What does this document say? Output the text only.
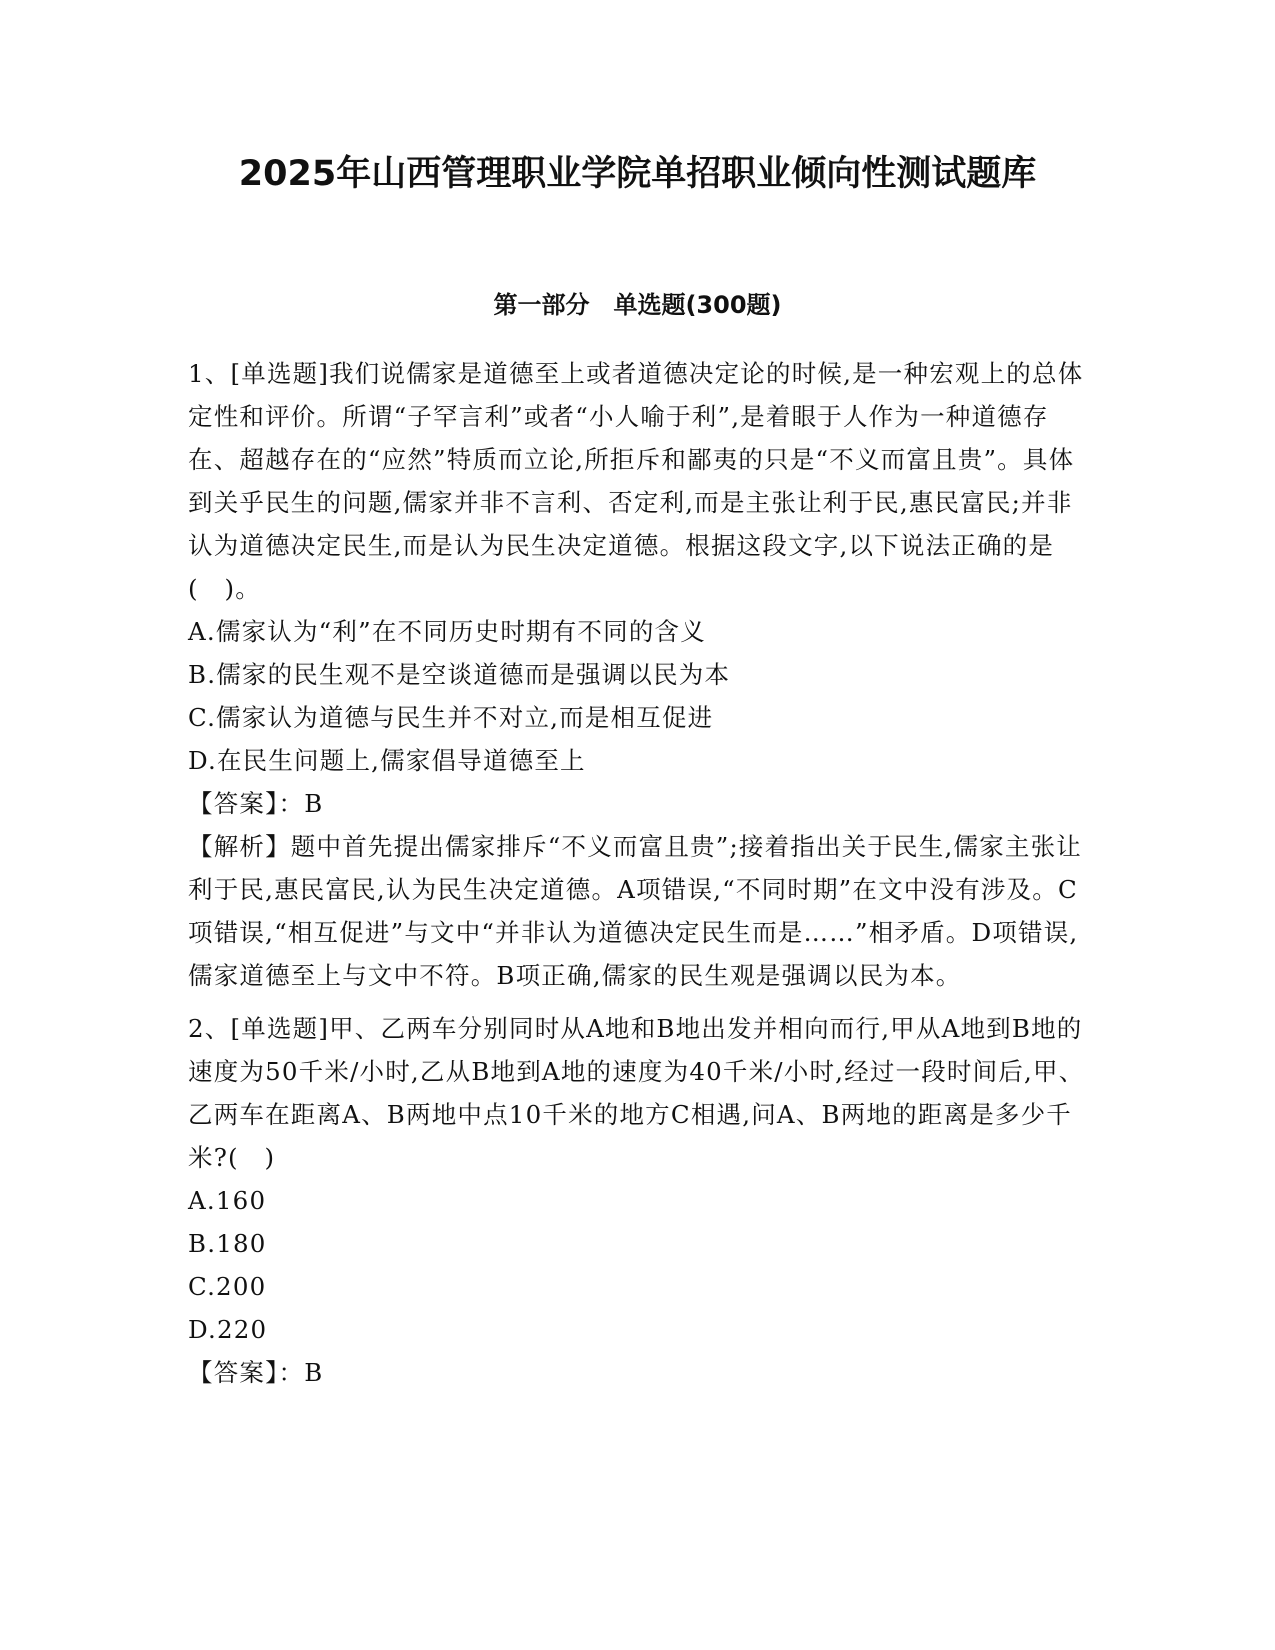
2025年山西管理职业学院单招职业倾向性测试题库
第一部分　单选题(300题)

1、[单选题]我们说儒家是道德至上或者道德决定论的时候,是一种宏观上的总体定性和评价。所谓“子罕言利”或者“小人喻于利”,是着眼于人作为一种道德存在、超越存在的“应然”特质而立论,所拒斥和鄙夷的只是“不义而富且贵”。具体到关乎民生的问题,儒家并非不言利、否定利,而是主张让利于民,惠民富民;并非认为道德决定民生,而是认为民生决定道德。根据这段文字,以下说法正确的是(　)。

A.儒家认为“利”在不同历史时期有不同的含义

B.儒家的民生观不是空谈道德而是强调以民为本

C.儒家认为道德与民生并不对立,而是相互促进

D.在民生问题上,儒家倡导道德至上

【答案】：B

【解析】题中首先提出儒家排斥“不义而富且贵”;接着指出关于民生,儒家主张让利于民,惠民富民,认为民生决定道德。A项错误,“不同时期”在文中没有涉及。C项错误,“相互促进”与文中“并非认为道德决定民生而是……”相矛盾。D项错误,儒家道德至上与文中不符。B项正确,儒家的民生观是强调以民为本。

2、[单选题]甲、乙两车分别同时从A地和B地出发并相向而行,甲从A地到B地的速度为50千米/小时,乙从B地到A地的速度为40千米/小时,经过一段时间后,甲、乙两车在距离A、B两地中点10千米的地方C相遇,问A、B两地的距离是多少千米?(　)

A.160

B.180

C.200

D.220

【答案】：B
